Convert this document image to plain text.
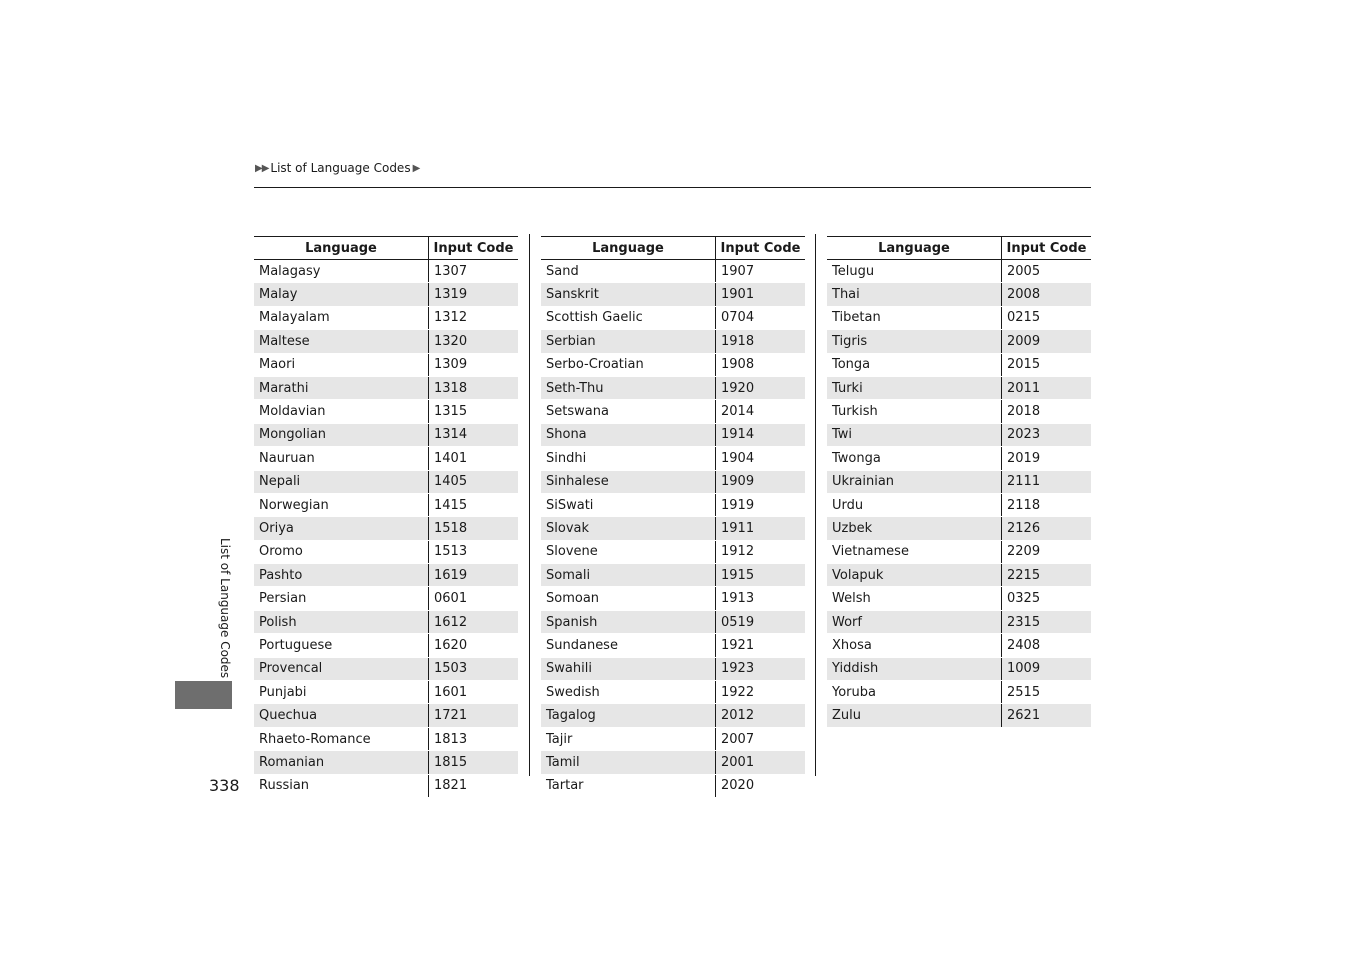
▶▶ List of Language Codes ▶
Language	Input Code
Malagasy	1307
Malay	1319
Malayalam	1312
Maltese	1320
Maori	1309
Marathi	1318
Moldavian	1315
Mongolian	1314
Nauruan	1401
Nepali	1405
Norwegian	1415
Oriya	1518
Oromo	1513
Pashto	1619
Persian	0601
Polish	1612
Portuguese	1620
Provencal	1503
Punjabi	1601
Quechua	1721
Rhaeto-Romance	1813
Romanian	1815
Russian	1821
Language	Input Code
Sand	1907
Sanskrit	1901
Scottish Gaelic	0704
Serbian	1918
Serbo-Croatian	1908
Seth-Thu	1920
Setswana	2014
Shona	1914
Sindhi	1904
Sinhalese	1909
SiSwati	1919
Slovak	1911
Slovene	1912
Somali	1915
Somoan	1913
Spanish	0519
Sundanese	1921
Swahili	1923
Swedish	1922
Tagalog	2012
Tajir	2007
Tamil	2001
Tartar	2020
Language	Input Code
Telugu	2005
Thai	2008
Tibetan	0215
Tigris	2009
Tonga	2015
Turki	2011
Turkish	2018
Twi	2023
Twonga	2019
Ukrainian	2111
Urdu	2118
Uzbek	2126
Vietnamese	2209
Volapuk	2215
Welsh	0325
Worf	2315
Xhosa	2408
Yiddish	1009
Yoruba	2515
Zulu	2621
List of Language Codes
338
